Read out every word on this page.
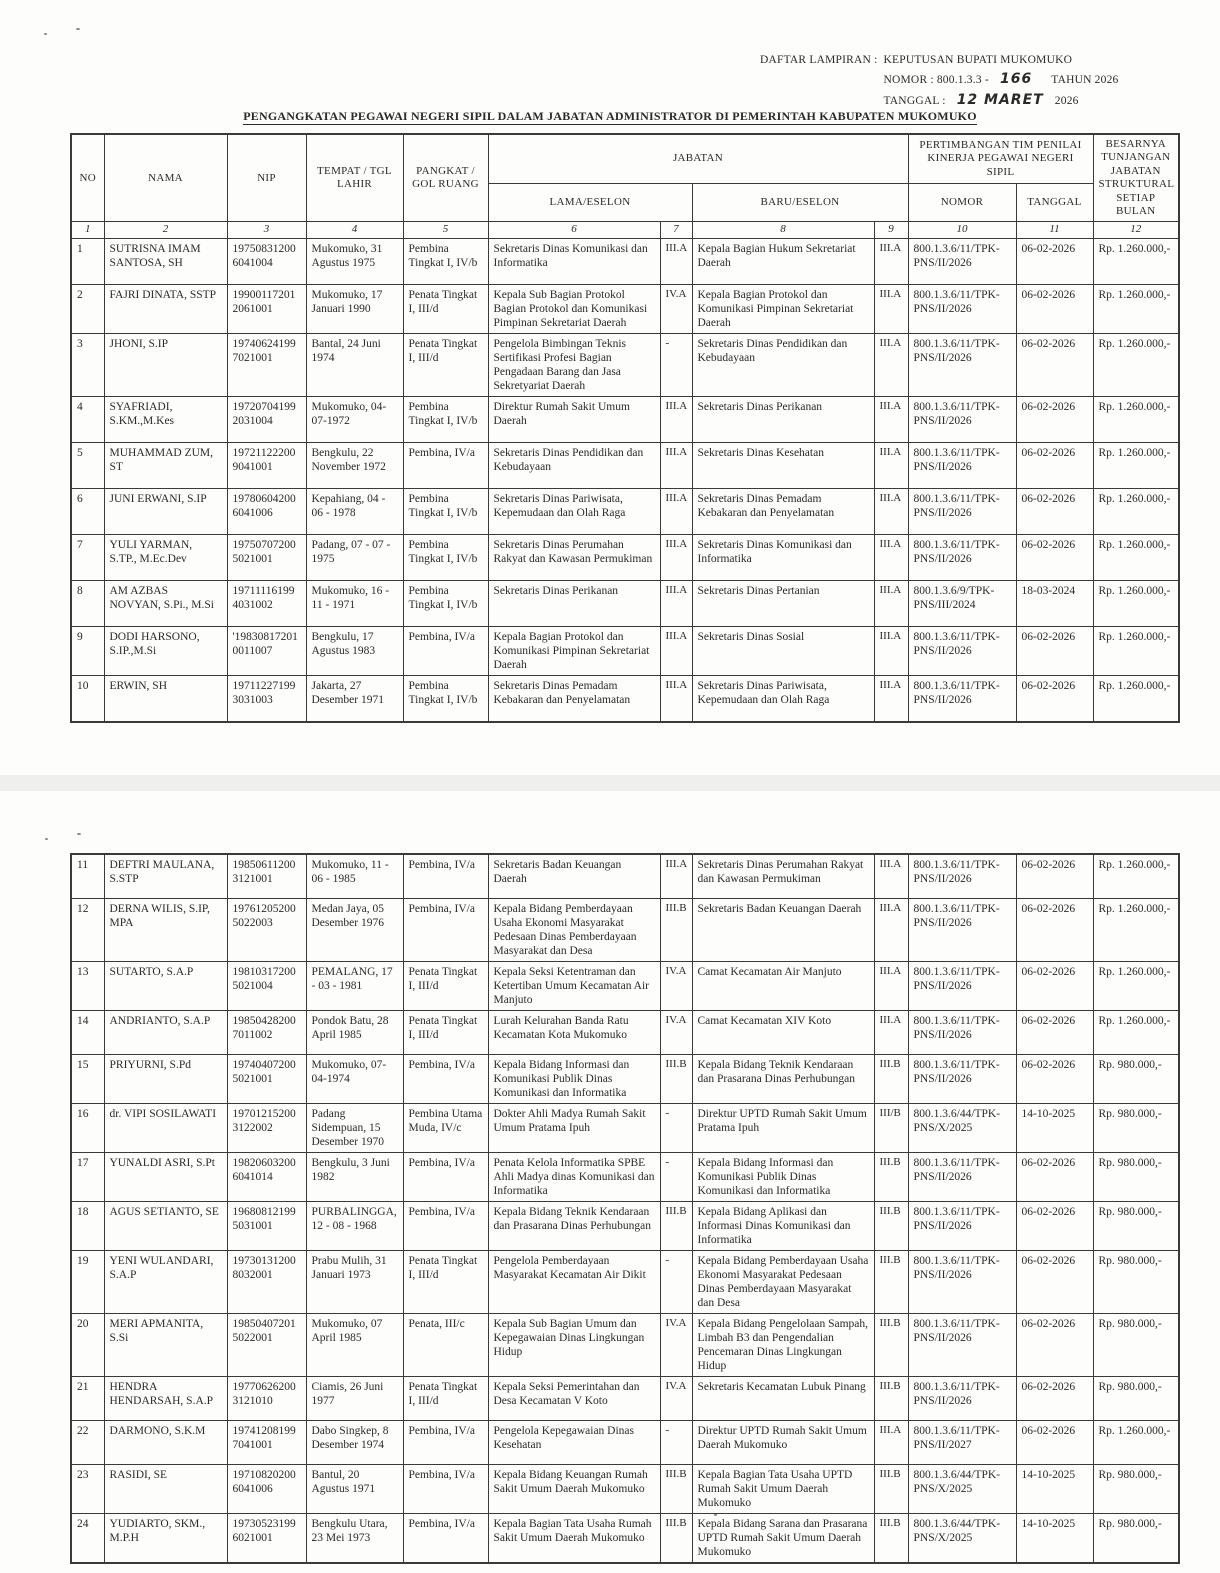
DAFTAR LAMPIRAN : KEPUTUSAN BUPATI MUKOMUKO
NOMOR : 800.1.3.3 - 166 TAHUN 2026
TANGGAL : 12 MARET 2026
PENGANGKATAN PEGAWAI NEGERI SIPIL DALAM JABATAN ADMINISTRATOR DI PEMERINTAH KABUPATEN MUKOMUKO
NO	NAMA	NIP	TEMPAT / TGL LAHIR	PANGKAT / GOL RUANG	JABATAN				PERTIMBANGAN TIM PENILAI KINERJA PEGAWAI NEGERI SIPIL		BESARNYA TUNJANGAN JABATAN STRUKTURAL SETIAP BULAN
					LAMA/ESELON		BARU/ESELON		NOMOR	TANGGAL	
1	2	3	4	5	6	7	8	9	10	11	12
1	SUTRISNA IMAM SANTOSA, SH	19750831200 6041004	Mukomuko, 31 Agustus 1975	Pembina Tingkat I, IV/b	Sekretaris Dinas Komunikasi dan Informatika	III.A	Kepala Bagian Hukum Sekretariat Daerah	III.A	800.1.3.6/11/TPK-PNS/II/2026	06-02-2026	Rp. 1.260.000,-
2	FAJRI DINATA, SSTP	19900117201 2061001	Mukomuko, 17 Januari 1990	Penata Tingkat I, III/d	Kepala Sub Bagian Protokol Bagian Protokol dan Komunikasi Pimpinan Sekretariat Daerah	IV.A	Kepala Bagian Protokol dan Komunikasi Pimpinan Sekretariat Daerah	III.A	800.1.3.6/11/TPK-PNS/II/2026	06-02-2026	Rp. 1.260.000,-
3	JHONI, S.IP	19740624199 7021001	Bantal, 24 Juni 1974	Penata Tingkat I, III/d	Pengelola Bimbingan Teknis Sertifikasi Profesi Bagian Pengadaan Barang dan Jasa Sekretyariat Daerah	-	Sekretaris Dinas Pendidikan dan Kebudayaan	III.A	800.1.3.6/11/TPK-PNS/II/2026	06-02-2026	Rp. 1.260.000,-
4	SYAFRIADI, S.KM.,M.Kes	19720704199 2031004	Mukomuko, 04-07-1972	Pembina Tingkat I, IV/b	Direktur Rumah Sakit Umum Daerah	III.A	Sekretaris Dinas Perikanan	III.A	800.1.3.6/11/TPK-PNS/II/2026	06-02-2026	Rp. 1.260.000,-
5	MUHAMMAD ZUM, ST	19721122200 9041001	Bengkulu, 22 November 1972	Pembina, IV/a	Sekretaris Dinas Pendidikan dan Kebudayaan	III.A	Sekretaris Dinas Kesehatan	III.A	800.1.3.6/11/TPK-PNS/II/2026	06-02-2026	Rp. 1.260.000,-
6	JUNI ERWANI, S.IP	19780604200 6041006	Kepahiang, 04 - 06 - 1978	Pembina Tingkat I, IV/b	Sekretaris Dinas Pariwisata, Kepemudaan dan Olah Raga	III.A	Sekretaris Dinas Pemadam Kebakaran dan Penyelamatan	III.A	800.1.3.6/11/TPK-PNS/II/2026	06-02-2026	Rp. 1.260.000,-
7	YULI YARMAN, S.TP., M.Ec.Dev	19750707200 5021001	Padang, 07 - 07 - 1975	Pembina Tingkat I, IV/b	Sekretaris Dinas Perumahan Rakyat dan Kawasan Permukiman	III.A	Sekretaris Dinas Komunikasi dan Informatika	III.A	800.1.3.6/11/TPK-PNS/II/2026	06-02-2026	Rp. 1.260.000,-
8	AM AZBAS NOVYAN, S.Pi., M.Si	19711116199 4031002	Mukomuko, 16 - 11 - 1971	Pembina Tingkat I, IV/b	Sekretaris Dinas Perikanan	III.A	Sekretaris Dinas Pertanian	III.A	800.1.3.6/9/TPK-PNS/III/2024	18-03-2024	Rp. 1.260.000,-
9	DODI HARSONO, S.IP.,M.Si	'19830817201 0011007	Bengkulu, 17 Agustus 1983	Pembina, IV/a	Kepala Bagian Protokol dan Komunikasi Pimpinan Sekretariat Daerah	III.A	Sekretaris Dinas Sosial	III.A	800.1.3.6/11/TPK-PNS/II/2026	06-02-2026	Rp. 1.260.000,-
10	ERWIN, SH	19711227199 3031003	Jakarta, 27 Desember 1971	Pembina Tingkat I, IV/b	Sekretaris Dinas Pemadam Kebakaran dan Penyelamatan	III.A	Sekretaris Dinas Pariwisata, Kepemudaan dan Olah Raga	III.A	800.1.3.6/11/TPK-PNS/II/2026	06-02-2026	Rp. 1.260.000,-
11	DEFTRI MAULANA, S.STP	19850611200 3121001	Mukomuko, 11 - 06 - 1985	Pembina, IV/a	Sekretaris Badan Keuangan Daerah	III.A	Sekretaris Dinas Perumahan Rakyat dan Kawasan Permukiman	III.A	800.1.3.6/11/TPK-PNS/II/2026	06-02-2026	Rp. 1.260.000,-
12	DERNA WILIS, S.IP, MPA	19761205200 5022003	Medan Jaya, 05 Desember 1976	Pembina, IV/a	Kepala Bidang Pemberdayaan Usaha Ekonomi Masyarakat Pedesaan Dinas Pemberdayaan Masyarakat dan Desa	III.B	Sekretaris Badan Keuangan Daerah	III.A	800.1.3.6/11/TPK-PNS/II/2026	06-02-2026	Rp. 1.260.000,-
13	SUTARTO, S.A.P	19810317200 5021004	PEMALANG, 17 - 03 - 1981	Penata Tingkat I, III/d	Kepala Seksi Ketentraman dan Ketertiban Umum Kecamatan Air Manjuto	IV.A	Camat Kecamatan Air Manjuto	III.A	800.1.3.6/11/TPK-PNS/II/2026	06-02-2026	Rp. 1.260.000,-
14	ANDRIANTO, S.A.P	19850428200 7011002	Pondok Batu, 28 April 1985	Penata Tingkat I, III/d	Lurah Kelurahan Banda Ratu Kecamatan Kota Mukomuko	IV.A	Camat Kecamatan XIV Koto	III.A	800.1.3.6/11/TPK-PNS/II/2026	06-02-2026	Rp. 1.260.000,-
15	PRIYURNI, S.Pd	19740407200 5021001	Mukomuko, 07-04-1974	Pembina, IV/a	Kepala Bidang Informasi dan Komunikasi Publik Dinas Komunikasi dan Informatika	III.B	Kepala Bidang Teknik Kendaraan dan Prasarana Dinas Perhubungan	III.B	800.1.3.6/11/TPK-PNS/II/2026	06-02-2026	Rp. 980.000,-
16	dr. VIPI SOSILAWATI	19701215200 3122002	Padang Sidempuan, 15 Desember 1970	Pembina Utama Muda, IV/c	Dokter Ahli Madya Rumah Sakit Umum Pratama Ipuh	-	Direktur UPTD Rumah Sakit Umum Pratama Ipuh	III/B	800.1.3.6/44/TPK-PNS/X/2025	14-10-2025	Rp. 980.000,-
17	YUNALDI ASRI, S.Pt	19820603200 6041014	Bengkulu, 3 Juni 1982	Pembina, IV/a	Penata Kelola Informatika SPBE Ahli Madya dinas Komunikasi dan Informatika	-	Kepala Bidang Informasi dan Komunikasi Publik Dinas Komunikasi dan Informatika	III.B	800.1.3.6/11/TPK-PNS/II/2026	06-02-2026	Rp. 980.000,-
18	AGUS SETIANTO, SE	19680812199 5031001	PURBALINGGA, 12 - 08 - 1968	Pembina, IV/a	Kepala Bidang Teknik Kendaraan dan Prasarana Dinas Perhubungan	III.B	Kepala Bidang Aplikasi dan Informasi Dinas Komunikasi dan Informatika	III.B	800.1.3.6/11/TPK-PNS/II/2026	06-02-2026	Rp. 980.000,-
19	YENI WULANDARI, S.A.P	19730131200 8032001	Prabu Mulih, 31 Januari 1973	Penata Tingkat I, III/d	Pengelola Pemberdayaan Masyarakat Kecamatan Air Dikit	-	Kepala Bidang Pemberdayaan Usaha Ekonomi Masyarakat Pedesaan Dinas Pemberdayaan Masyarakat dan Desa	III.B	800.1.3.6/11/TPK-PNS/II/2026	06-02-2026	Rp. 980.000,-
20	MERI APMANITA, S.Si	19850407201 5022001	Mukomuko, 07 April 1985	Penata, III/c	Kepala Sub Bagian Umum dan Kepegawaian Dinas Lingkungan Hidup	IV.A	Kepala Bidang Pengelolaan Sampah, Limbah B3 dan Pengendalian Pencemaran Dinas Lingkungan Hidup	III.B	800.1.3.6/11/TPK-PNS/II/2026	06-02-2026	Rp. 980.000,-
21	HENDRA HENDARSAH, S.A.P	19770626200 3121010	Ciamis, 26 Juni 1977	Penata Tingkat I, III/d	Kepala Seksi Pemerintahan dan Desa Kecamatan V Koto	IV.A	Sekretaris Kecamatan Lubuk Pinang	III.B	800.1.3.6/11/TPK-PNS/II/2026	06-02-2026	Rp. 980.000,-
22	DARMONO, S.K.M	19741208199 7041001	Dabo Singkep, 8 Desember 1974	Pembina, IV/a	Pengelola Kepegawaian Dinas Kesehatan	-	Direktur UPTD Rumah Sakit Umum Daerah Mukomuko	III.A	800.1.3.6/11/TPK-PNS/II/2027	06-02-2026	Rp. 1.260.000,-
23	RASIDI, SE	19710820200 6041006	Bantul, 20 Agustus 1971	Pembina, IV/a	Kepala Bidang Keuangan Rumah Sakit Umum Daerah Mukomuko	III.B	Kepala Bagian Tata Usaha UPTD Rumah Sakit Umum Daerah Mukomuko	III.B	800.1.3.6/44/TPK-PNS/X/2025	14-10-2025	Rp. 980.000,-
24	YUDIARTO, SKM., M.P.H	19730523199 6021001	Bengkulu Utara, 23 Mei 1973	Pembina, IV/a	Kepala Bagian Tata Usaha Rumah Sakit Umum Daerah Mukomuko	III.B	Kepala Bidang Sarana dan Prasarana UPTD Rumah Sakit Umum Daerah Mukomuko	III.B	800.1.3.6/44/TPK-PNS/X/2025	14-10-2025	Rp. 980.000,-
